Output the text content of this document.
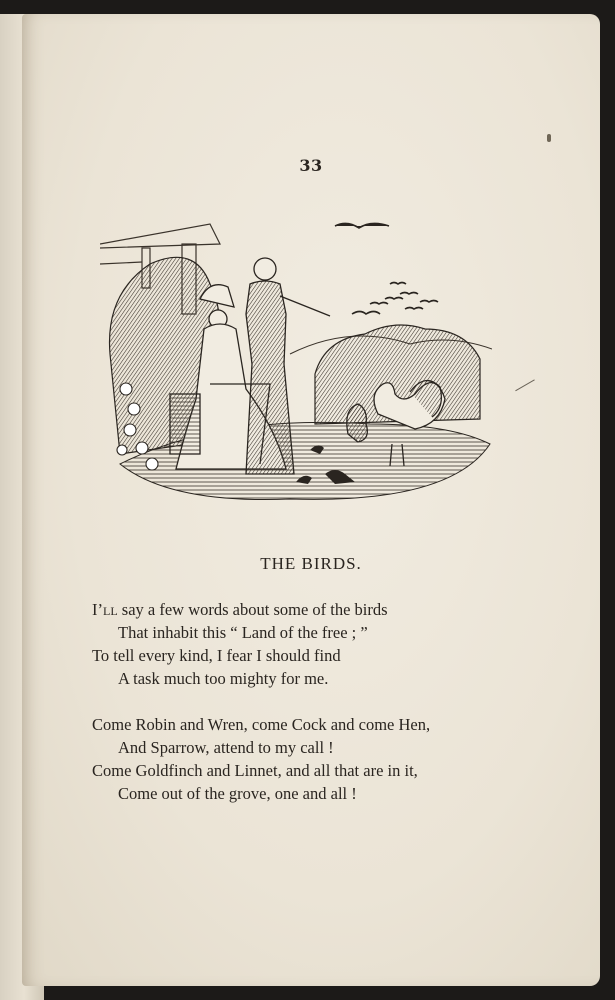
33
THE BIRDS.
I’ll say a few words about some of the birds
That inhabit this “ Land of the free ; ”
To tell every kind, I fear I should find
A task much too mighty for me.
Come Robin and Wren, come Cock and come Hen,
And Sparrow, attend to my call !
Come Goldfinch and Linnet, and all that are in it,
Come out of the grove, one and all !
